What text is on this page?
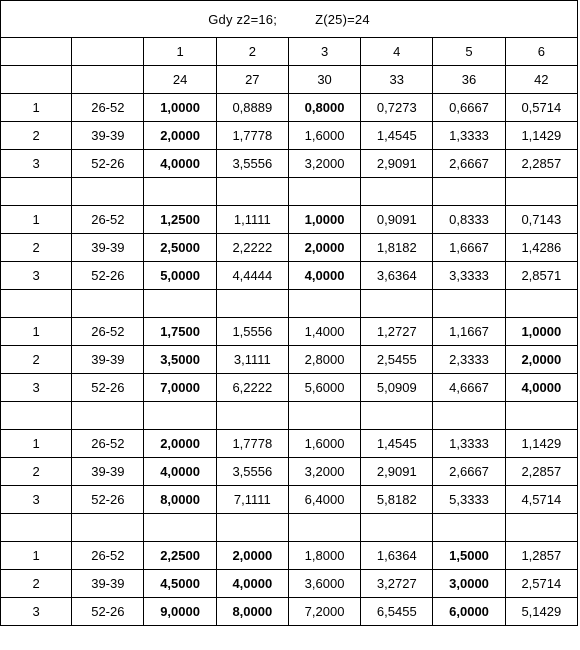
Gdy z2=16; Z(25)=24							
		1	2	3	4	5	6
		24	27	30	33	36	42
1	26-52	1,0000	0,8889	0,8000	0,7273	0,6667	0,5714
2	39-39	2,0000	1,7778	1,6000	1,4545	1,3333	1,1429
3	52-26	4,0000	3,5556	3,2000	2,9091	2,6667	2,2857

1	26-52	1,2500	1,1111	1,0000	0,9091	0,8333	0,7143
2	39-39	2,5000	2,2222	2,0000	1,8182	1,6667	1,4286
3	52-26	5,0000	4,4444	4,0000	3,6364	3,3333	2,8571

1	26-52	1,7500	1,5556	1,4000	1,2727	1,1667	1,0000
2	39-39	3,5000	3,1111	2,8000	2,5455	2,3333	2,0000
3	52-26	7,0000	6,2222	5,6000	5,0909	4,6667	4,0000

1	26-52	2,0000	1,7778	1,6000	1,4545	1,3333	1,1429
2	39-39	4,0000	3,5556	3,2000	2,9091	2,6667	2,2857
3	52-26	8,0000	7,1111	6,4000	5,8182	5,3333	4,5714

1	26-52	2,2500	2,0000	1,8000	1,6364	1,5000	1,2857
2	39-39	4,5000	4,0000	3,6000	3,2727	3,0000	2,5714
3	52-26	9,0000	8,0000	7,2000	6,5455	6,0000	5,1429
